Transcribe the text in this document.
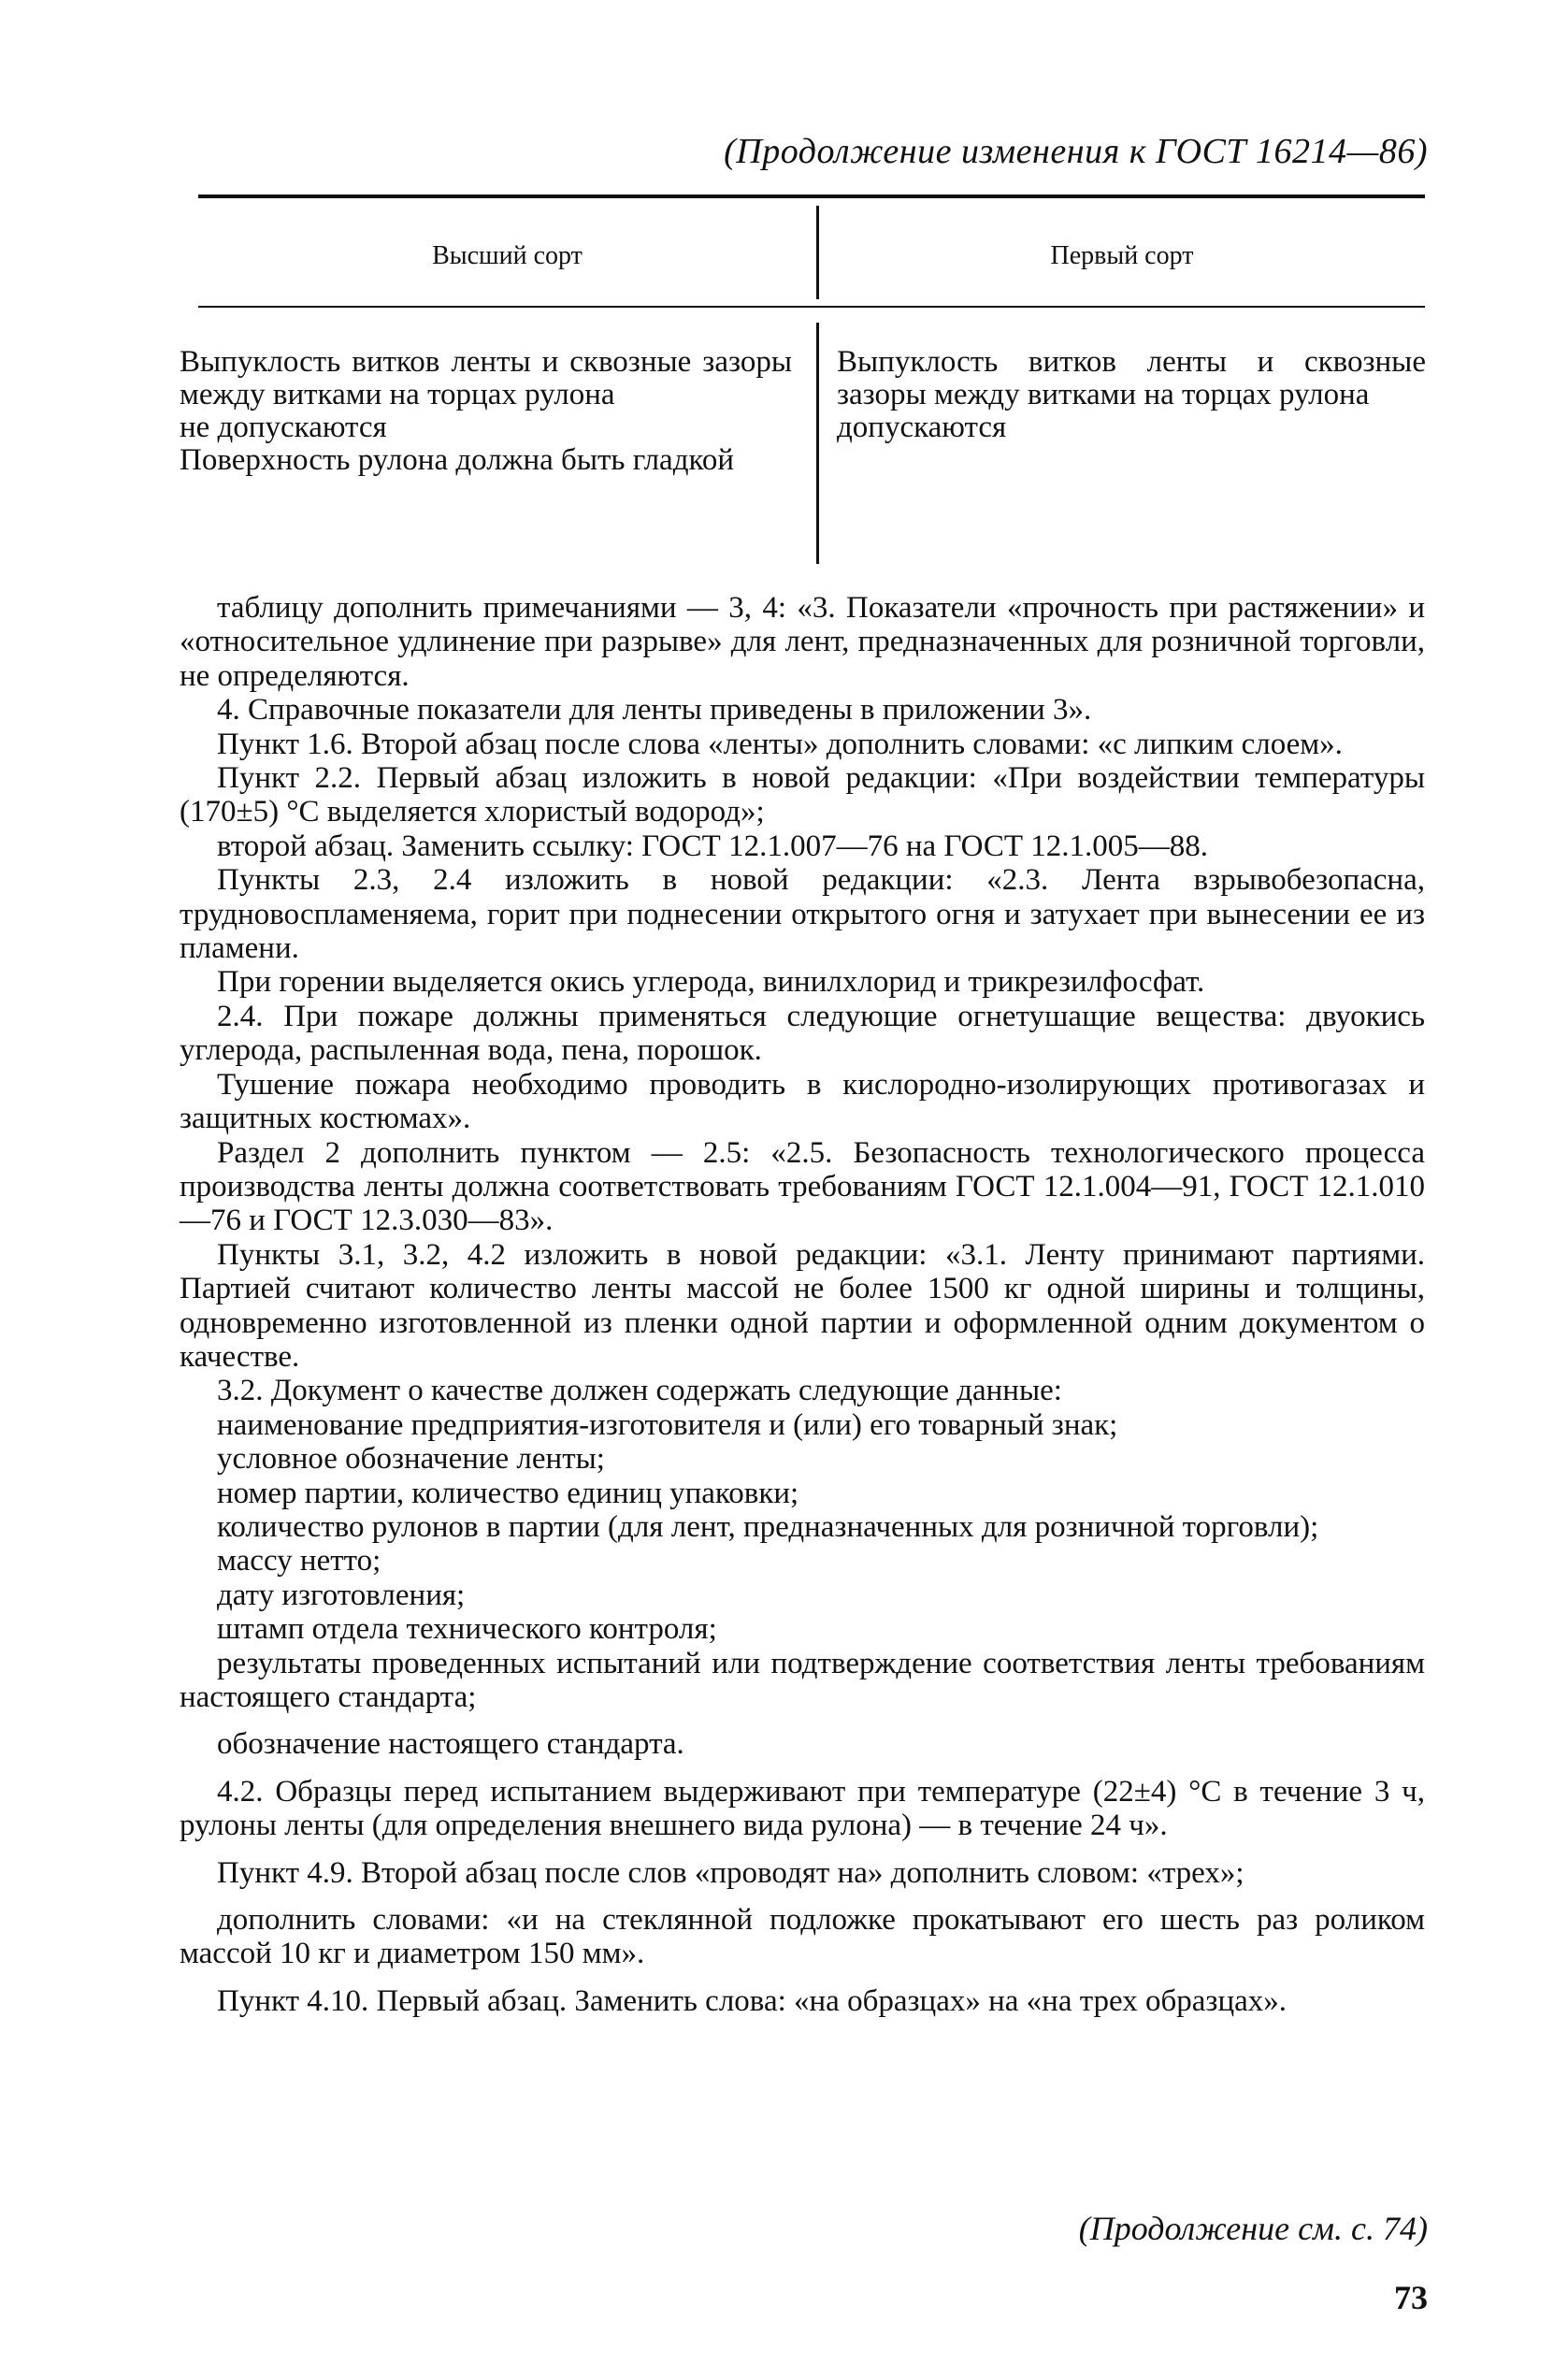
(Продолжение изменения к ГОСТ 16214—86)
Высший сорт	Первый сорт

Выпуклость витков ленты и сквозные зазоры между витками на торцах рулона

не допускаются

Поверхность рулона должна быть гладкой

Выпуклость витков ленты и сквозные зазоры между витками на торцах рулона

допускаются

таблицу дополнить примечаниями — 3, 4: «3. Показатели «прочность при растяжении» и «относительное удлинение при разрыве» для лент, предназначенных для розничной торговли, не определяются.

4. Справочные показатели для ленты приведены в приложении 3».

Пункт 1.6. Второй абзац после слова «ленты» дополнить словами: «с липким слоем».

Пункт 2.2. Первый абзац изложить в новой редакции: «При воздействии температуры (170±5) °С выделяется хлористый водород»;

второй абзац. Заменить ссылку: ГОСТ 12.1.007—76 на ГОСТ 12.1.005—88.

Пункты 2.3, 2.4 изложить в новой редакции: «2.3. Лента взрывобезопасна, трудновоспламеняема, горит при поднесении открытого огня и затухает при вынесении ее из пламени.

При горении выделяется окись углерода, винилхлорид и трикрезилфосфат.

2.4. При пожаре должны применяться следующие огнетушащие вещества: двуокись углерода, распыленная вода, пена, порошок.

Тушение пожара необходимо проводить в кислородно-изолирующих противогазах и защитных костюмах».

Раздел 2 дополнить пунктом — 2.5: «2.5. Безопасность технологического процесса производства ленты должна соответствовать требованиям ГОСТ 12.1.004—91, ГОСТ 12.1.010—76 и ГОСТ 12.3.030—83».

Пункты 3.1, 3.2, 4.2 изложить в новой редакции: «3.1. Ленту принимают партиями. Партией считают количество ленты массой не более 1500 кг одной ширины и толщины, одновременно изготовленной из пленки одной партии и оформленной одним документом о качестве.

3.2. Документ о качестве должен содержать следующие данные:

наименование предприятия-изготовителя и (или) его товарный знак;

условное обозначение ленты;

номер партии, количество единиц упаковки;

количество рулонов в партии (для лент, предназначенных для розничной торговли);

массу нетто;

дату изготовления;

штамп отдела технического контроля;

результаты проведенных испытаний или подтверждение соответствия ленты требованиям настоящего стандарта;

обозначение настоящего стандарта.

4.2. Образцы перед испытанием выдерживают при температуре (22±4) °С в течение 3 ч, рулоны ленты (для определения внешнего вида рулона) — в течение 24 ч».

Пункт 4.9. Второй абзац после слов «проводят на» дополнить словом: «трех»;

дополнить словами: «и на стеклянной подложке прокатывают его шесть раз роликом массой 10 кг и диаметром 150 мм».

Пункт 4.10. Первый абзац. Заменить слова: «на образцах» на «на трех образцах».

(Продолжение см. с. 74)
73
